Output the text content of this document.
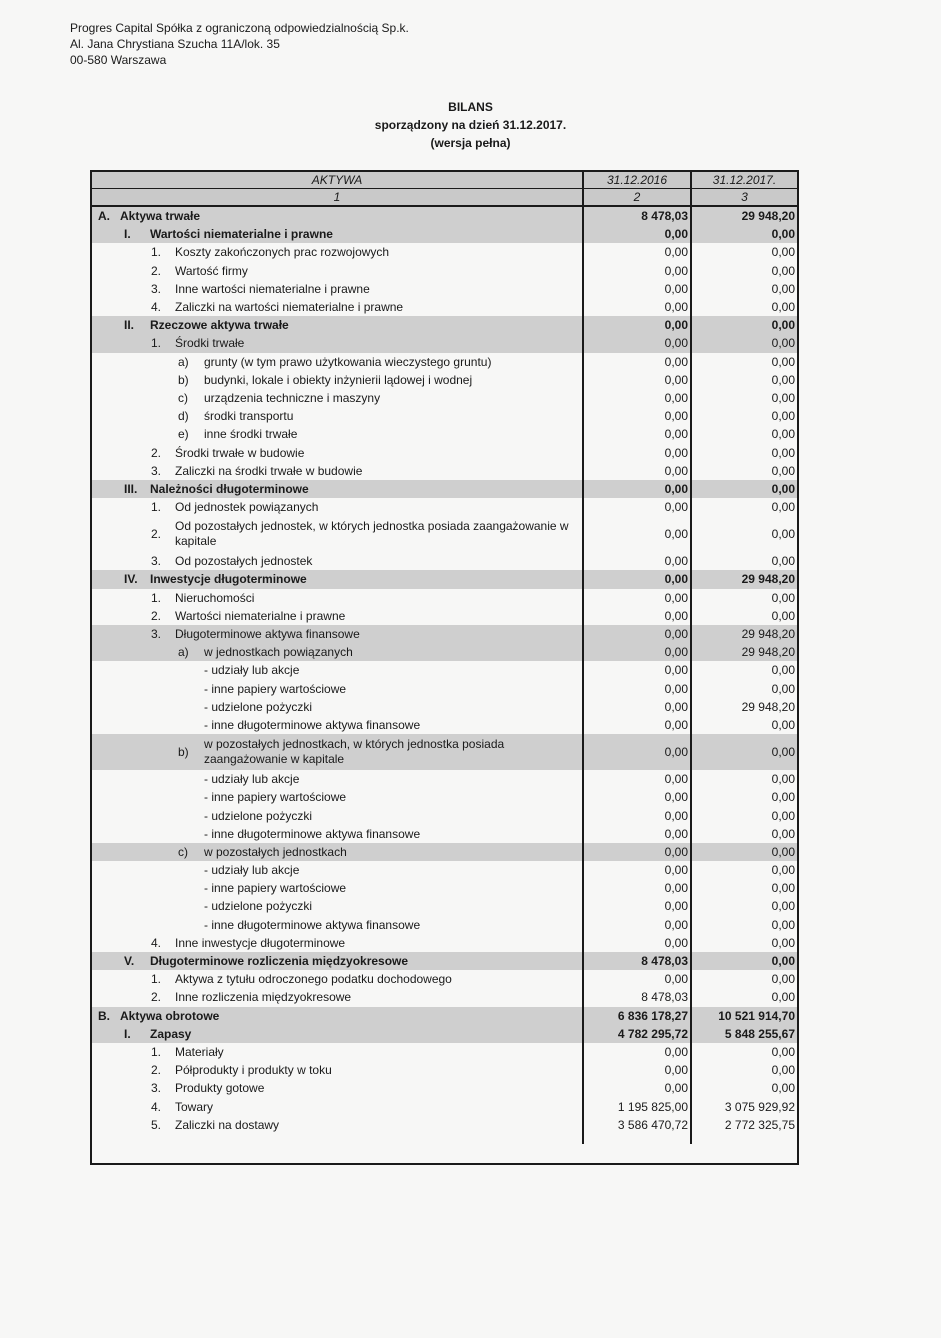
Progres Capital Spółka z ograniczoną odpowiedzialnością Sp.k.
Al. Jana Chrystiana Szucha 11A/lok. 35
00-580 Warszawa
BILANS
sporządzony na dzień 31.12.2017.
(wersja pełna)
AKTYWA	31.12.2016	31.12.2017.
1	2	3

A. Aktywa trwałe	8 478,03	29 948,20

I. Wartości niematerialne i prawne	0,00	0,00

1. Koszty zakończonych prac rozwojowych	0,00	0,00

2. Wartość firmy	0,00	0,00

3. Inne wartości niematerialne i prawne	0,00	0,00

4. Zaliczki na wartości niematerialne i prawne	0,00	0,00

II. Rzeczowe aktywa trwałe	0,00	0,00

1. Środki trwałe	0,00	0,00

a) grunty (w tym prawo użytkowania wieczystego gruntu)	0,00	0,00

b) budynki, lokale i obiekty inżynierii lądowej i wodnej	0,00	0,00

c) urządzenia techniczne i maszyny	0,00	0,00

d) środki transportu	0,00	0,00

e) inne środki trwałe	0,00	0,00

2. Środki trwałe w budowie	0,00	0,00

3. Zaliczki na środki trwałe w budowie	0,00	0,00

III. Należności długoterminowe	0,00	0,00

1. Od jednostek powiązanych	0,00	0,00

2.
Od pozostałych jednostek, w których jednostka posiada zaangażowanie w kapitale	0,00	0,00

3. Od pozostałych jednostek	0,00	0,00

IV. Inwestycje długoterminowe	0,00	29 948,20

1. Nieruchomości	0,00	0,00

2. Wartości niematerialne i prawne	0,00	0,00

3. Długoterminowe aktywa finansowe	0,00	29 948,20

a) w jednostkach powiązanych	0,00	29 948,20

- udziały lub akcje	0,00	0,00

- inne papiery wartościowe	0,00	0,00

- udzielone pożyczki	0,00	29 948,20

- inne długoterminowe aktywa finansowe	0,00	0,00

b)
w pozostałych jednostkach, w których jednostka posiada zaangażowanie w kapitale	0,00	0,00

- udziały lub akcje	0,00	0,00

- inne papiery wartościowe	0,00	0,00

- udzielone pożyczki	0,00	0,00

- inne długoterminowe aktywa finansowe	0,00	0,00

c) w pozostałych jednostkach	0,00	0,00

- udziały lub akcje	0,00	0,00

- inne papiery wartościowe	0,00	0,00

- udzielone pożyczki	0,00	0,00

- inne długoterminowe aktywa finansowe	0,00	0,00

4. Inne inwestycje długoterminowe	0,00	0,00

V. Długoterminowe rozliczenia międzyokresowe	8 478,03	0,00

1. Aktywa z tytułu odroczonego podatku dochodowego	0,00	0,00

2. Inne rozliczenia międzyokresowe	8 478,03	0,00

B. Aktywa obrotowe	6 836 178,27	10 521 914,70

I. Zapasy	4 782 295,72	5 848 255,67

1. Materiały	0,00	0,00

2. Półprodukty i produkty w toku	0,00	0,00

3. Produkty gotowe	0,00	0,00

4. Towary	1 195 825,00	3 075 929,92

5. Zaliczki na dostawy	3 586 470,72	2 772 325,75
